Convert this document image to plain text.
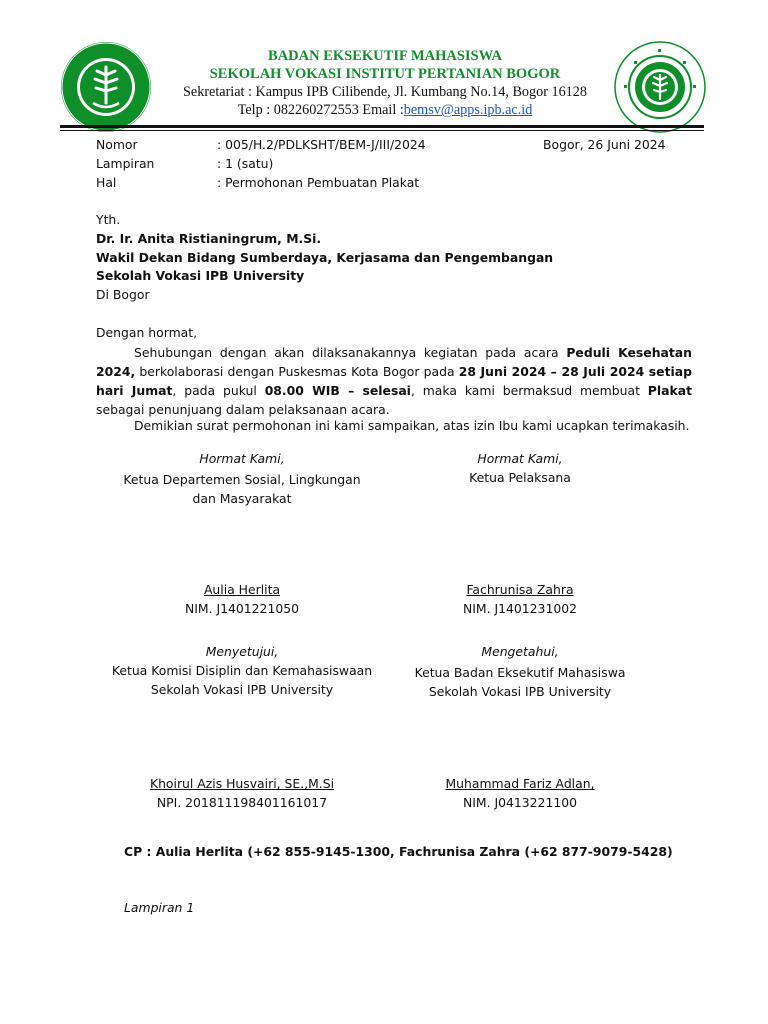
BADAN EKSEKUTIF MAHASISWA
SEKOLAH VOKASI INSTITUT PERTANIAN BOGOR
Sekretariat : Kampus IPB Cilibende, Jl. Kumbang No.14, Bogor 16128
Telp : 082260272553 Email :bemsv@apps.ipb.ac.id
Nomor	: 005/H.2/PDLKSHT/BEM-J/III/2024	Bogor, 26 Juni 2024
Lampiran	: 1 (satu)
Hal	: Permohonan Pembuatan Plakat
Yth.
Dr. Ir. Anita Ristianingrum, M.Si.
Wakil Dekan Bidang Sumberdaya, Kerjasama dan Pengembangan
Sekolah Vokasi IPB University
Di Bogor
Dengan hormat,
Sehubungan dengan akan dilaksanakannya kegiatan pada acara Peduli Kesehatan 2024, berkolaborasi dengan Puskesmas Kota Bogor pada 28 Juni 2024 – 28 Juli 2024 setiap hari Jumat, pada pukul 08.00 WIB – selesai, maka kami bermaksud membuat Plakat sebagai penunjuang dalam pelaksanaan acara.
Demikian surat permohonan ini kami sampaikan, atas izin Ibu kami ucapkan terimakasih.
Hormat Kami,
Ketua Departemen Sosial, Lingkungan dan Masyarakat
Aulia Herlita
NIM. J1401221050
Hormat Kami,
Ketua Pelaksana
Fachrunisa Zahra
NIM. J1401231002
Menyetujui,
Ketua Komisi Disiplin dan Kemahasiswaan
Sekolah Vokasi IPB University
Khoirul Azis Husvairi, SE.,M.Si
NPI. 201811198401161017
Mengetahui,
Ketua Badan Eksekutif Mahasiswa Sekolah Vokasi IPB University
Muhammad Fariz Adlan,
NIM. J0413221100
CP : Aulia Herlita (+62 855-9145-1300, Fachrunisa Zahra (+62 877-9079-5428)
Lampiran 1
